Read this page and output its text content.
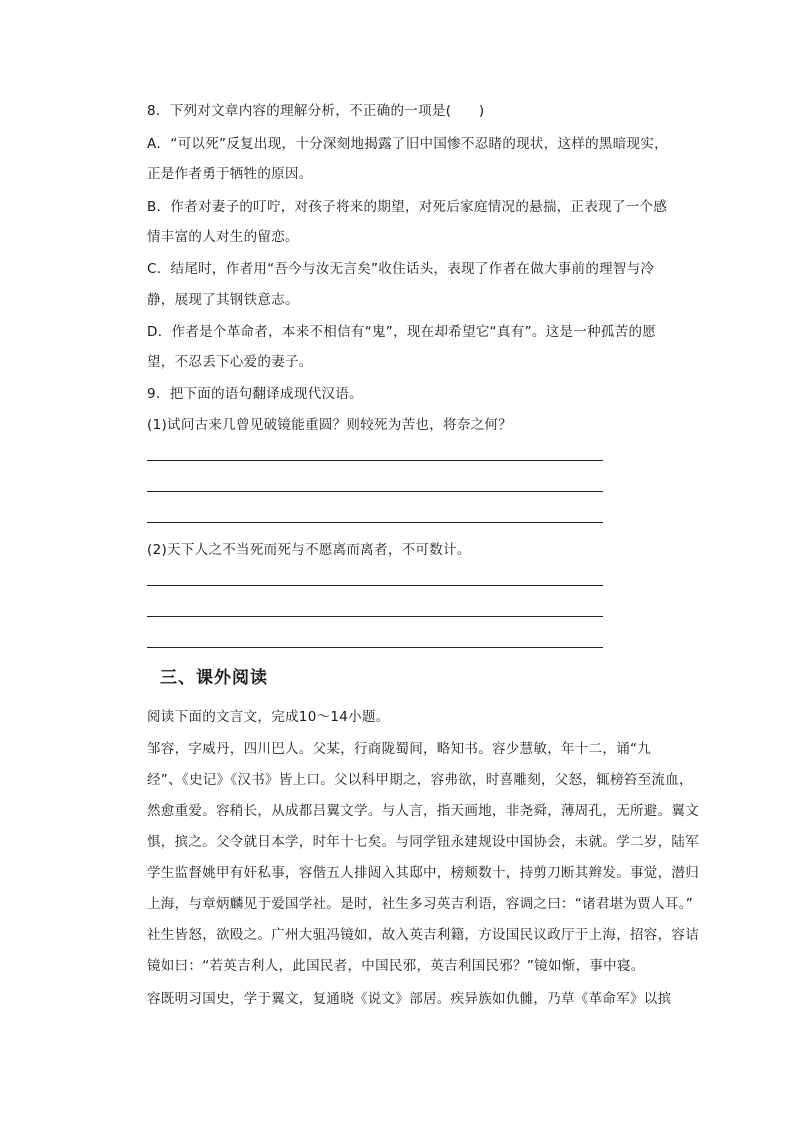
8．下列对文章内容的理解分析，不正确的一项是(　　)
A．“可以死”反复出现，十分深刻地揭露了旧中国惨不忍睹的现状，这样的黑暗现实，
正是作者勇于牺牲的原因。
B．作者对妻子的叮咛，对孩子将来的期望，对死后家庭情况的悬揣，正表现了一个感
情丰富的人对生的留恋。
C．结尾时，作者用“吾今与汝无言矣”收住话头，表现了作者在做大事前的理智与冷
静，展现了其钢铁意志。
D．作者是个革命者，本来不相信有“鬼”，现在却希望它“真有”。这是一种孤苦的愿
望，不忍丢下心爱的妻子。
9．把下面的语句翻译成现代汉语。
(1)试问古来几曾见破镜能重圆？则较死为苦也，将奈之何？
(2)天下人之不当死而死与不愿离而离者，不可数计。
三、课外阅读
阅读下面的文言文，完成10～14小题。
邹容，字威丹，四川巴人。父某，行商陇蜀间，略知书。容少慧敏，年十二，诵“九
经”、《史记》《汉书》皆上口。父以科甲期之，容弗欲，时喜雕刻，父怒，辄榜笞至流血，
然愈重爱。容稍长，从成都吕翼文学。与人言，指天画地，非尧舜，薄周孔，无所避。翼文
惧，摈之。父令就日本学，时年十七矣。与同学钮永建规设中国协会，未就。学二岁，陆军
学生监督姚甲有奸私事，容偕五人排闼入其邸中，榜颊数十，持剪刀断其辫发。事觉，潜归
上海，与章炳麟见于爱国学社。是时，社生多习英吉利语，容调之曰：“诸君堪为贾人耳。”
社生皆怒，欲殴之。广州大驵冯镜如，故入英吉利籍，方设国民议政厅于上海，招容，容诘
镜如曰：“若英吉利人，此国民者，中国民邪，英吉利国民邪？”镜如惭，事中寝。
容既明习国史，学于翼文，复通晓《说文》部居。疾异族如仇雠，乃草《革命军》以摈
